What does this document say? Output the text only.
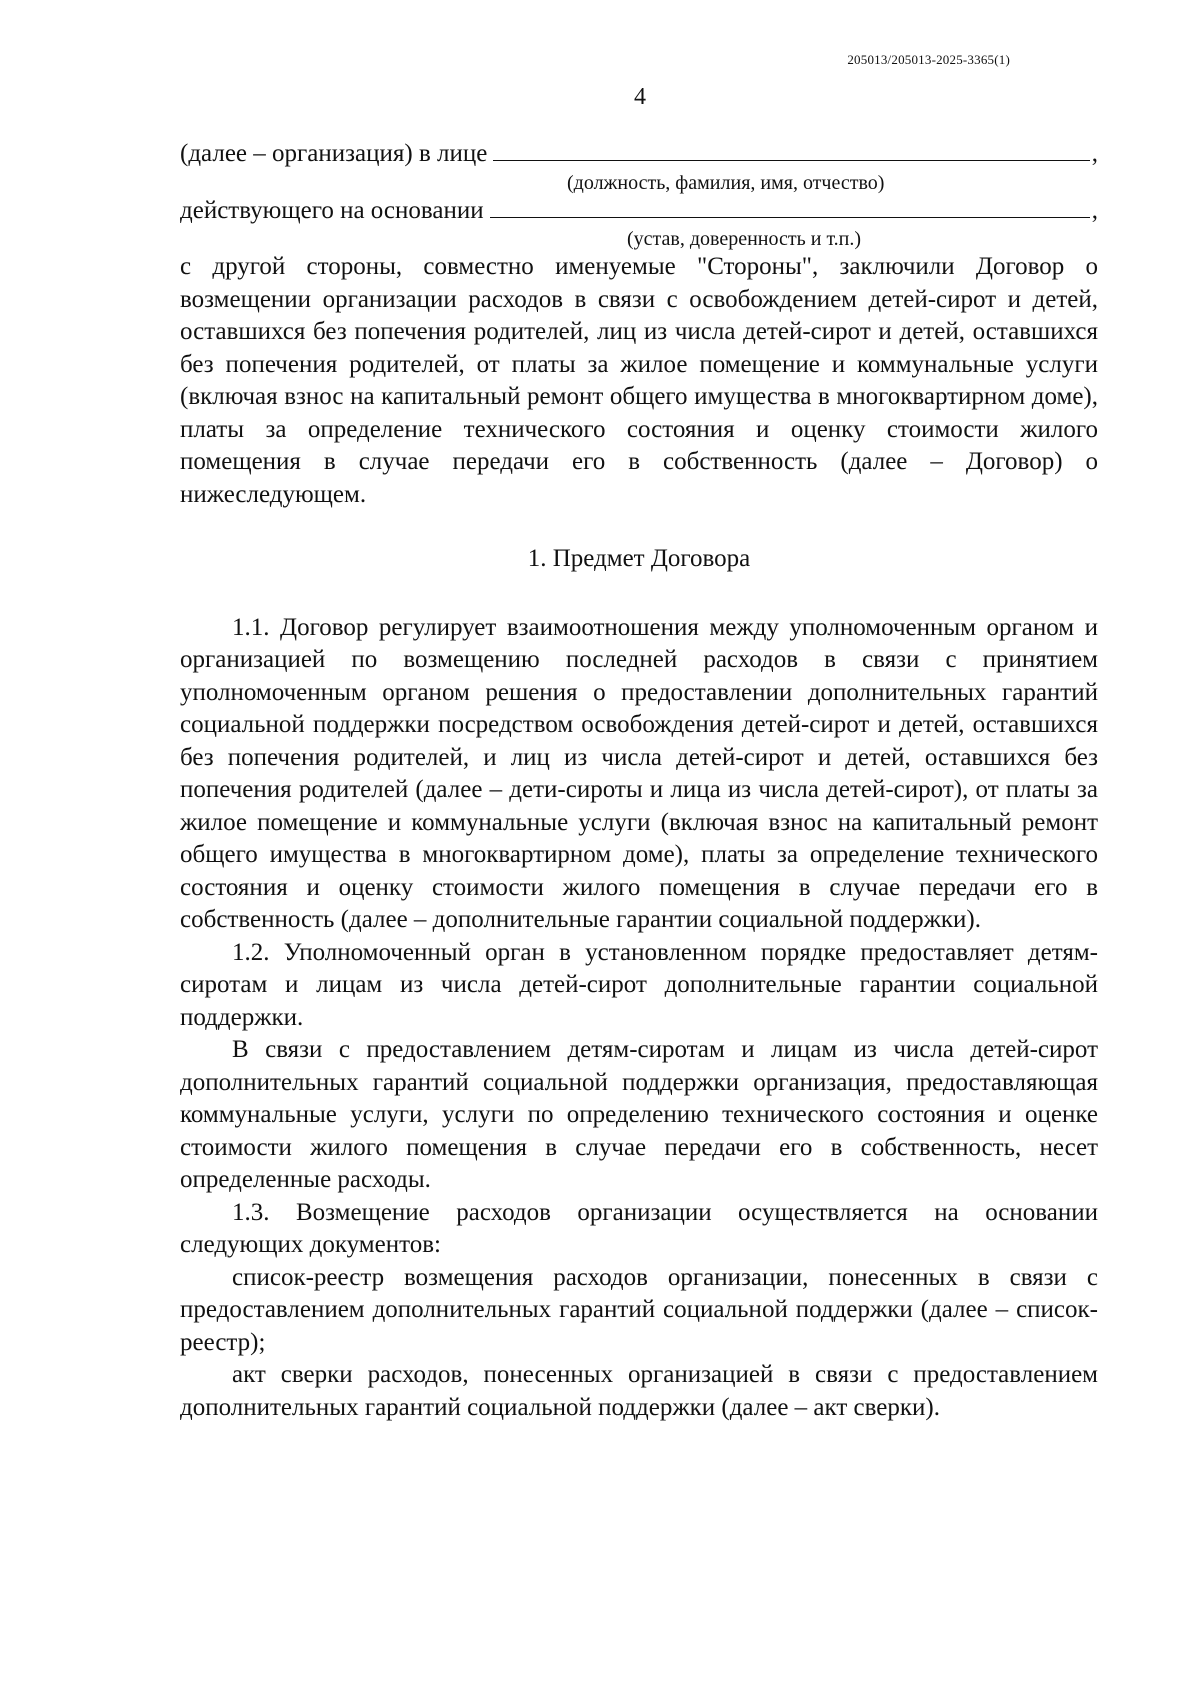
205013/205013-2025-3365(1)
4
(далее – организация) в лице	,
(должность, фамилия, имя, отчество)
действующего на основании	,
(устав, доверенность и т.п.)

с другой стороны, совместно именуемые "Стороны", заключили Договор о возмещении организации расходов в связи с освобождением детей-сирот и детей, оставшихся без попечения родителей, лиц из числа детей-сирот и детей, оставшихся без попечения родителей, от платы за жилое помещение и коммунальные услуги (включая взнос на капитальный ремонт общего имущества в многоквартирном доме), платы за определение технического состояния и оценку стоимости жилого помещения в случае передачи его в собственность (далее – Договор) о нижеследующем.

1. Предмет Договора

1.1. Договор регулирует взаимоотношения между уполномоченным органом и организацией по возмещению последней расходов в связи с принятием уполномоченным органом решения о предоставлении дополнительных гарантий социальной поддержки посредством освобождения детей-сирот и детей, оставшихся без попечения родителей, и лиц из числа детей-сирот и детей, оставшихся без попечения родителей (далее – дети-сироты и лица из числа детей-сирот), от платы за жилое помещение и коммунальные услуги (включая взнос на капитальный ремонт общего имущества в многоквартирном доме), платы за определение технического состояния и оценку стоимости жилого помещения в случае передачи его в собственность (далее – дополнительные гарантии социальной поддержки).

1.2. Уполномоченный орган в установленном порядке предоставляет детям-сиротам и лицам из числа детей-сирот дополнительные гарантии социальной поддержки.

В связи с предоставлением детям-сиротам и лицам из числа детей-сирот дополнительных гарантий социальной поддержки организация, предоставляющая коммунальные услуги, услуги по определению технического состояния и оценке стоимости жилого помещения в случае передачи его в собственность, несет определенные расходы.

1.3. Возмещение расходов организации осуществляется на основании следующих документов:

список-реестр возмещения расходов организации, понесенных в связи с предоставлением дополнительных гарантий социальной поддержки (далее – список-реестр);

акт сверки расходов, понесенных организацией в связи с предоставлением дополнительных гарантий социальной поддержки (далее – акт сверки).
